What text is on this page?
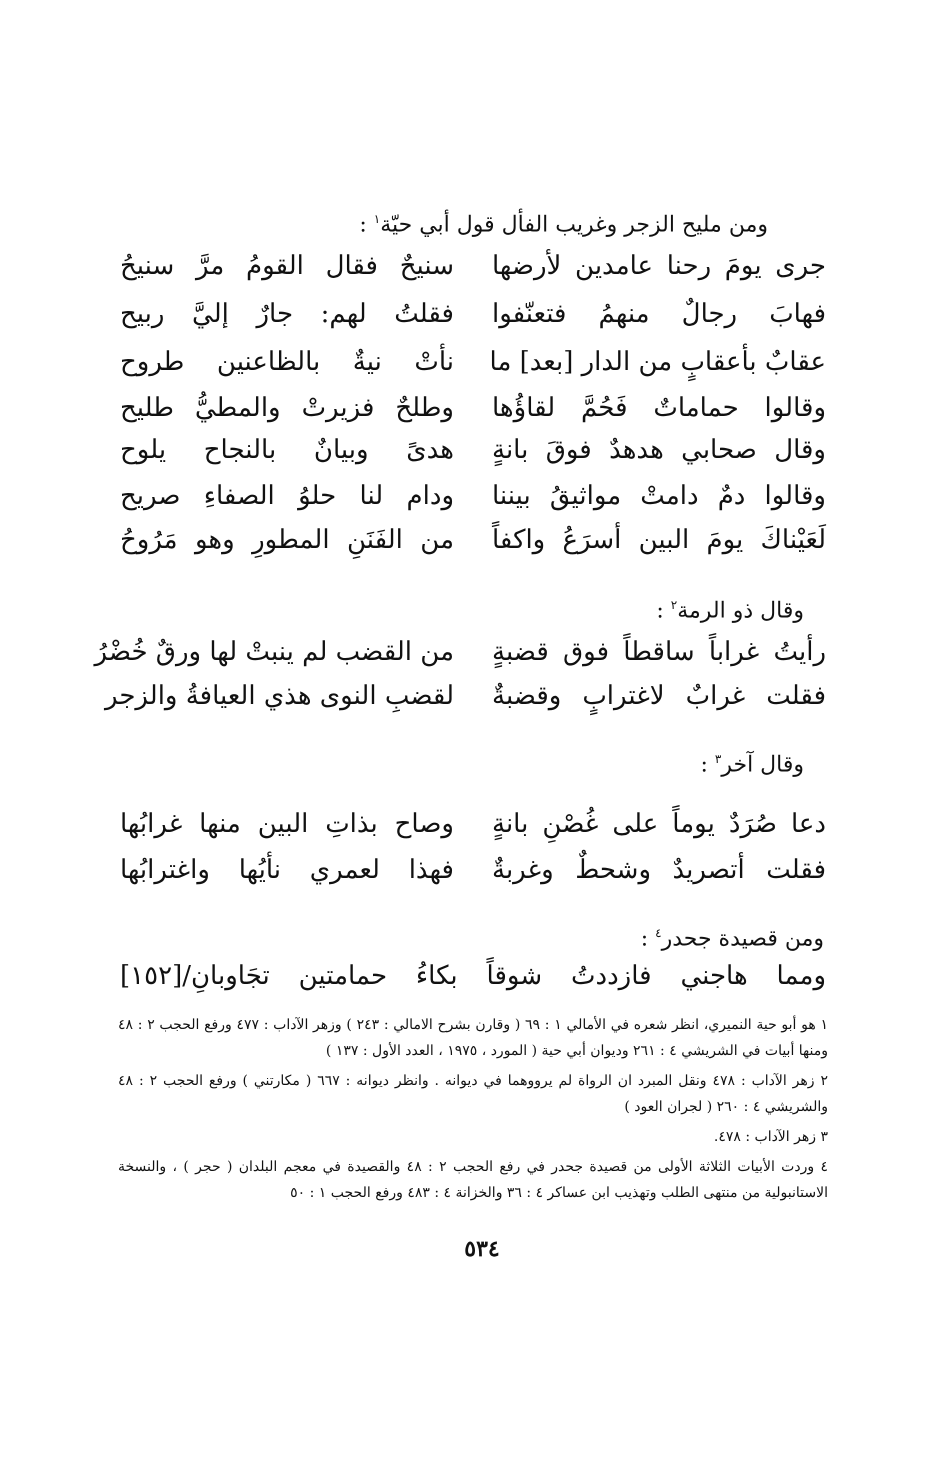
ومن مليح الزجر وغريب الفأل قول أبي حيّة$^١$ :
جرى يومَ رحنا عامدين لأرضها
سنيحٌ فقال القومُ مرَّ سنيحُ
فهابَ رجالٌ منهمُ فتعنّفوا
فقلتُ لهم: جارٌ إليَّ ربيح
عقابٌ بأعقابٍ من الدار [بعد] ما
نأتْ نيةٌ بالظاعنين طروح
وقالوا حماماتٌ فَحُمَّ لقاؤُها
وطلحٌ فزيرتْ والمطيُّ طليح
وقال صحابي هدهدٌ فوقَ بانةٍ
هدىً وبيانٌ بالنجاح يلوح
وقالوا دمٌ دامتْ مواثيقُ بيننا
ودام لنا حلوُ الصفاءِ صريح
لَعَيْناكَ يومَ البين أسرَعُ واكفاً
من الفَنَنِ المطورِ وهو مَرُوحُ
وقال ذو الرمة$^٢$ :
رأيتُ غراباً ساقطاً فوق قضبةٍ
من القضب لم ينبتْ لها ورقٌ خُضْرُ
فقلت غرابٌ لاغترابٍ وقضبةٌ
لقضبِ النوى هذي العيافةُ والزجر
وقال آخر$^٣$ :
دعا صُرَدٌ يوماً على غُصْنِ بانةٍ
وصاح بذاتِ البين منها غرابُها
فقلت أتصريدٌ وشحطٌ وغربةٌ
فهذا لعمري نأيُها واغترابُها
ومن قصيدة جحدر$^٤$ :
ومما هاجني فازددتُ شوقاً بكاءُ حمامتين تجَاوبانِ/[١٥٢]
١ هو أبو حية النميري، انظر شعره في الأمالي ١ : ٦٩ ( وقارن بشرح الامالي : ٢٤٣ ) وزهر الآداب : ٤٧٧ ورفع الحجب ٢ : ٤٨ ومنها أبيات في الشريشي ٤ : ٢٦١ وديوان أبي حية ( المورد ، ١٩٧٥ ، العدد الأول : ١٣٧ )
٢ زهر الآداب : ٤٧٨ ونقل المبرد ان الرواة لم يرووهما في ديوانه . وانظر ديوانه : ٦٦٧ ( مكارتني ) ورفع الحجب ٢ : ٤٨ والشريشي ٤ : ٢٦٠ ( لجران العود )
٣ زهر الآداب : ٤٧٨.
٤ وردت الأبيات الثلاثة الأولى من قصيدة جحدر في رفع الحجب ٢ : ٤٨ والقصيدة في معجم البلدان ( حجر ) ، والنسخة الاستانبولية من منتهى الطلب وتهذيب ابن عساكر ٤ : ٣٦ والخزانة ٤ : ٤٨٣ ورفع الحجب ١ : ٥٠
٥٣٤
